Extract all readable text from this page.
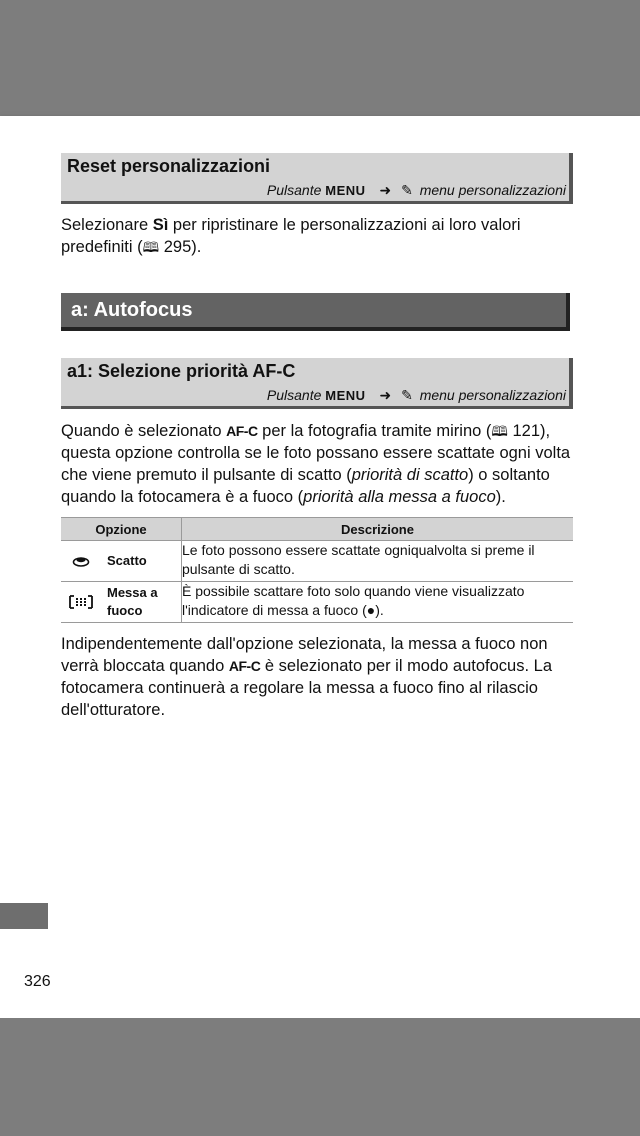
Reset personalizzazioni
Pulsante MENU ➜ ✎ menu personalizzazioni
Selezionare Sì per ripristinare le personalizzazioni ai loro valori predefiniti (🕮 295).
a: Autofocus
a1: Selezione priorità AF-C
Pulsante MENU ➜ ✎ menu personalizzazioni
Quando è selezionato AF-C per la fotografia tramite mirino (🕮 121), questa opzione controlla se le foto possano essere scattate ogni volta che viene premuto il pulsante di scatto (priorità di scatto) o soltanto quando la fotocamera è a fuoco (priorità alla messa a fuoco).
Opzione	Descrizione

Scatto	Le foto possono essere scattate ogniqualvolta si preme il pulsante di scatto.

Messa a fuoco	È possibile scattare foto solo quando viene visualizzato l'indicatore di messa a fuoco (●).
Indipendentemente dall'opzione selezionata, la messa a fuoco non verrà bloccata quando AF-C è selezionato per il modo autofocus. La fotocamera continuerà a regolare la messa a fuoco fino al rilascio dell'otturatore.
326
